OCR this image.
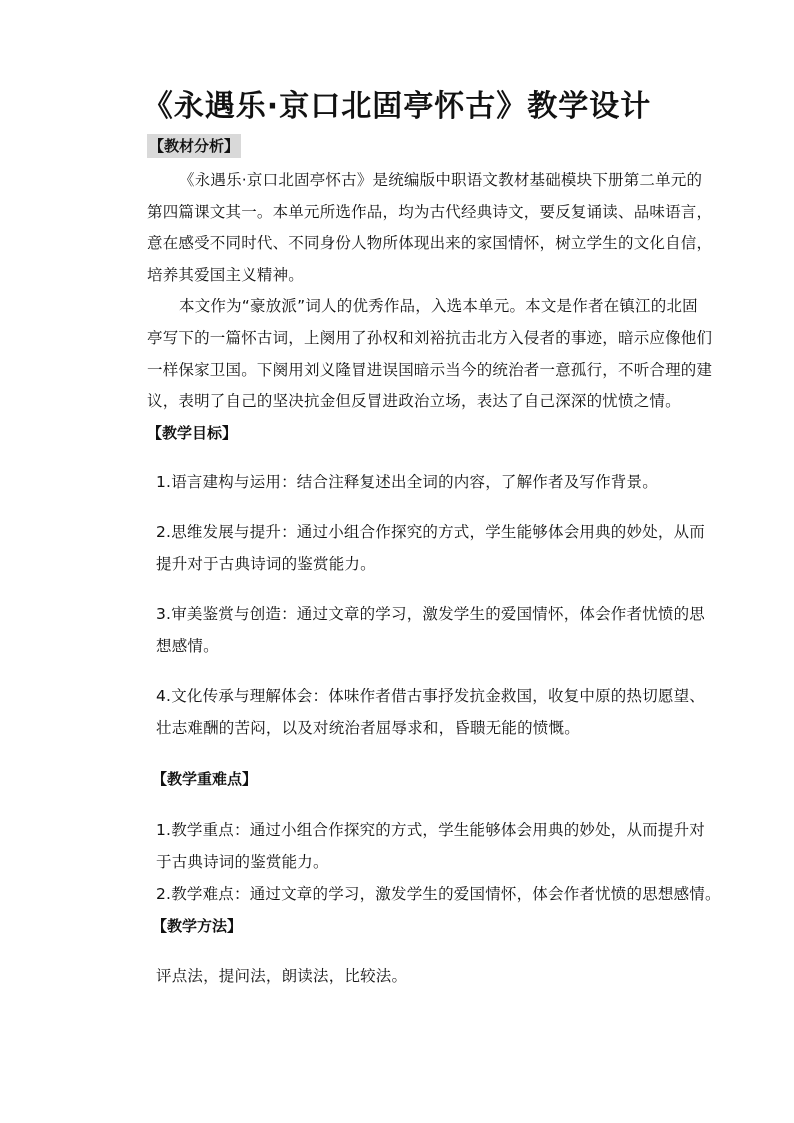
《永遇乐·京口北固亭怀古》教学设计
【教材分析】
《永遇乐·京口北固亭怀古》是统编版中职语文教材基础模块下册第二单元的
第四篇课文其一。本单元所选作品，均为古代经典诗文，要反复诵读、品味语言，
意在感受不同时代、不同身份人物所体现出来的家国情怀，树立学生的文化自信，
培养其爱国主义精神。
本文作为“豪放派”词人的优秀作品，入选本单元。本文是作者在镇江的北固
亭写下的一篇怀古词，上阕用了孙权和刘裕抗击北方入侵者的事迹，暗示应像他们
一样保家卫国。下阕用刘义隆冒进误国暗示当今的统治者一意孤行，不听合理的建
议，表明了自己的坚决抗金但反冒进政治立场，表达了自己深深的忧愤之情。
【教学目标】
1.语言建构与运用：结合注释复述出全词的内容，了解作者及写作背景。
2.思维发展与提升：通过小组合作探究的方式，学生能够体会用典的妙处，从而
提升对于古典诗词的鉴赏能力。
3.审美鉴赏与创造：通过文章的学习，激发学生的爱国情怀，体会作者忧愤的思
想感情。
4.文化传承与理解体会：体味作者借古事抒发抗金救国，收复中原的热切愿望、
壮志难酬的苦闷，以及对统治者屈辱求和，昏聩无能的愤慨。
【教学重难点】
1.教学重点：通过小组合作探究的方式，学生能够体会用典的妙处，从而提升对
于古典诗词的鉴赏能力。
2.教学难点：通过文章的学习，激发学生的爱国情怀，体会作者忧愤的思想感情。
【教学方法】
评点法，提问法，朗读法，比较法。
